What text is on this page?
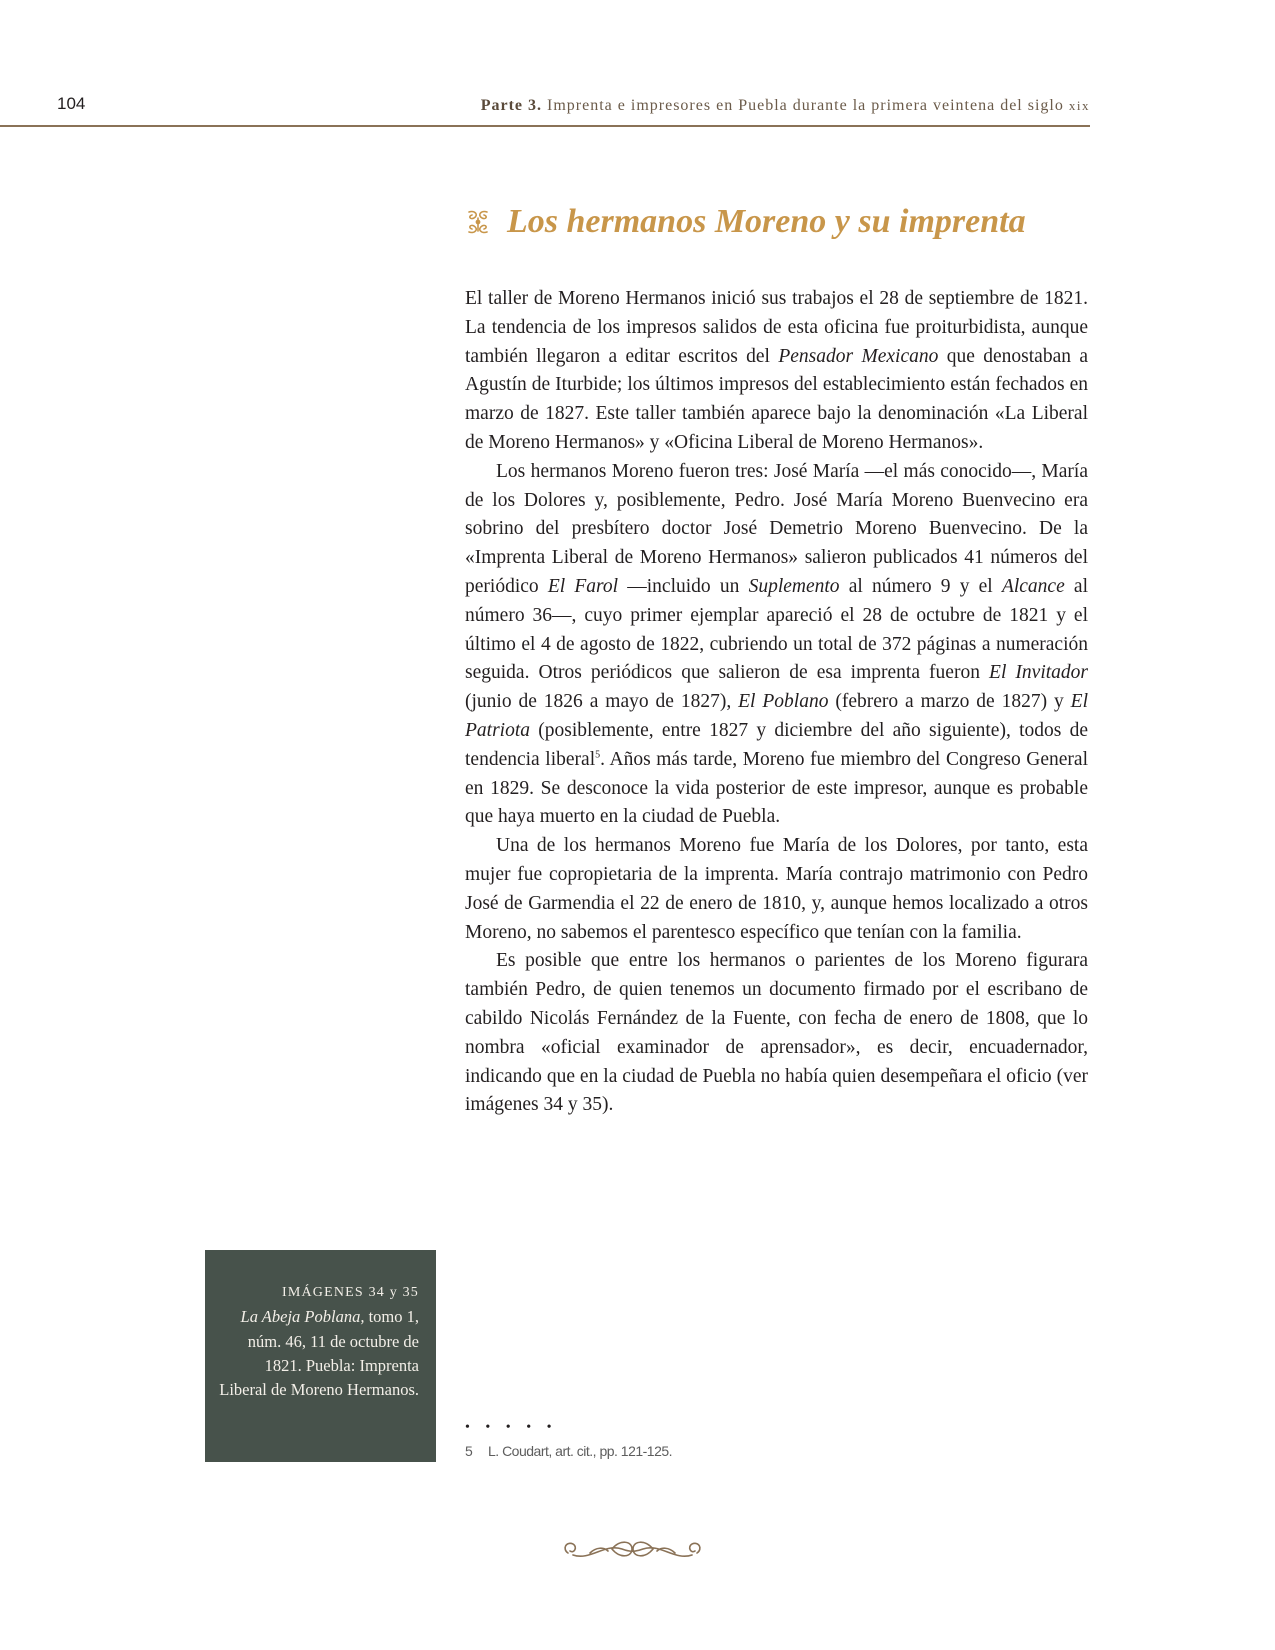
104	Parte 3. Imprenta e impresores en Puebla durante la primera veintena del siglo xix
Los hermanos Moreno y su imprenta

El taller de Moreno Hermanos inició sus trabajos el 28 de septiembre de 1821. La tendencia de los impresos salidos de esta oficina fue proiturbidista, aunque también llegaron a editar escritos del Pensador Mexicano que denostaban a Agustín de Iturbide; los últimos impresos del establecimiento están fechados en marzo de 1827. Este taller también aparece bajo la denominación «La Liberal de Moreno Hermanos» y «Oficina Liberal de Moreno Hermanos».

Los hermanos Moreno fueron tres: José María —el más conocido—, María de los Dolores y, posiblemente, Pedro. José María Moreno Buenvecino era sobrino del presbítero doctor José Demetrio Moreno Buenvecino. De la «Imprenta Liberal de Moreno Hermanos» salieron publicados 41 números del periódico El Farol —incluido un Suplemento al número 9 y el Alcance al número 36—, cuyo primer ejemplar apareció el 28 de octubre de 1821 y el último el 4 de agosto de 1822, cubriendo un total de 372 páginas a numeración seguida. Otros periódicos que salieron de esa imprenta fueron El Invitador (junio de 1826 a mayo de 1827), El Poblano (febrero a marzo de 1827) y El Patriota (posiblemente, entre 1827 y diciembre del año siguiente), todos de tendencia liberal$^5$. Años más tarde, Moreno fue miembro del Congreso General en 1829. Se desconoce la vida posterior de este impresor, aunque es probable que haya muerto en la ciudad de Puebla.

Una de los hermanos Moreno fue María de los Dolores, por tanto, esta mujer fue copropietaria de la imprenta. María contrajo matrimonio con Pedro José de Garmendia el 22 de enero de 1810, y, aunque hemos localizado a otros Moreno, no sabemos el parentesco específico que tenían con la familia.

Es posible que entre los hermanos o parientes de los Moreno figurara también Pedro, de quien tenemos un documento firmado por el escribano de cabildo Nicolás Fernández de la Fuente, con fecha de enero de 1808, que lo nombra «oficial examinador de aprensador», es decir, encuadernador, indicando que en la ciudad de Puebla no había quien desempeñara el oficio (ver imágenes 34 y 35).

IMÁGENES 34 y 35
La Abeja Poblana, tomo 1, núm. 46, 11 de octubre de 1821. Puebla: Imprenta Liberal de Moreno Hermanos.
• • • • •
5 L. Coudart, art. cit., pp. 121-125.
